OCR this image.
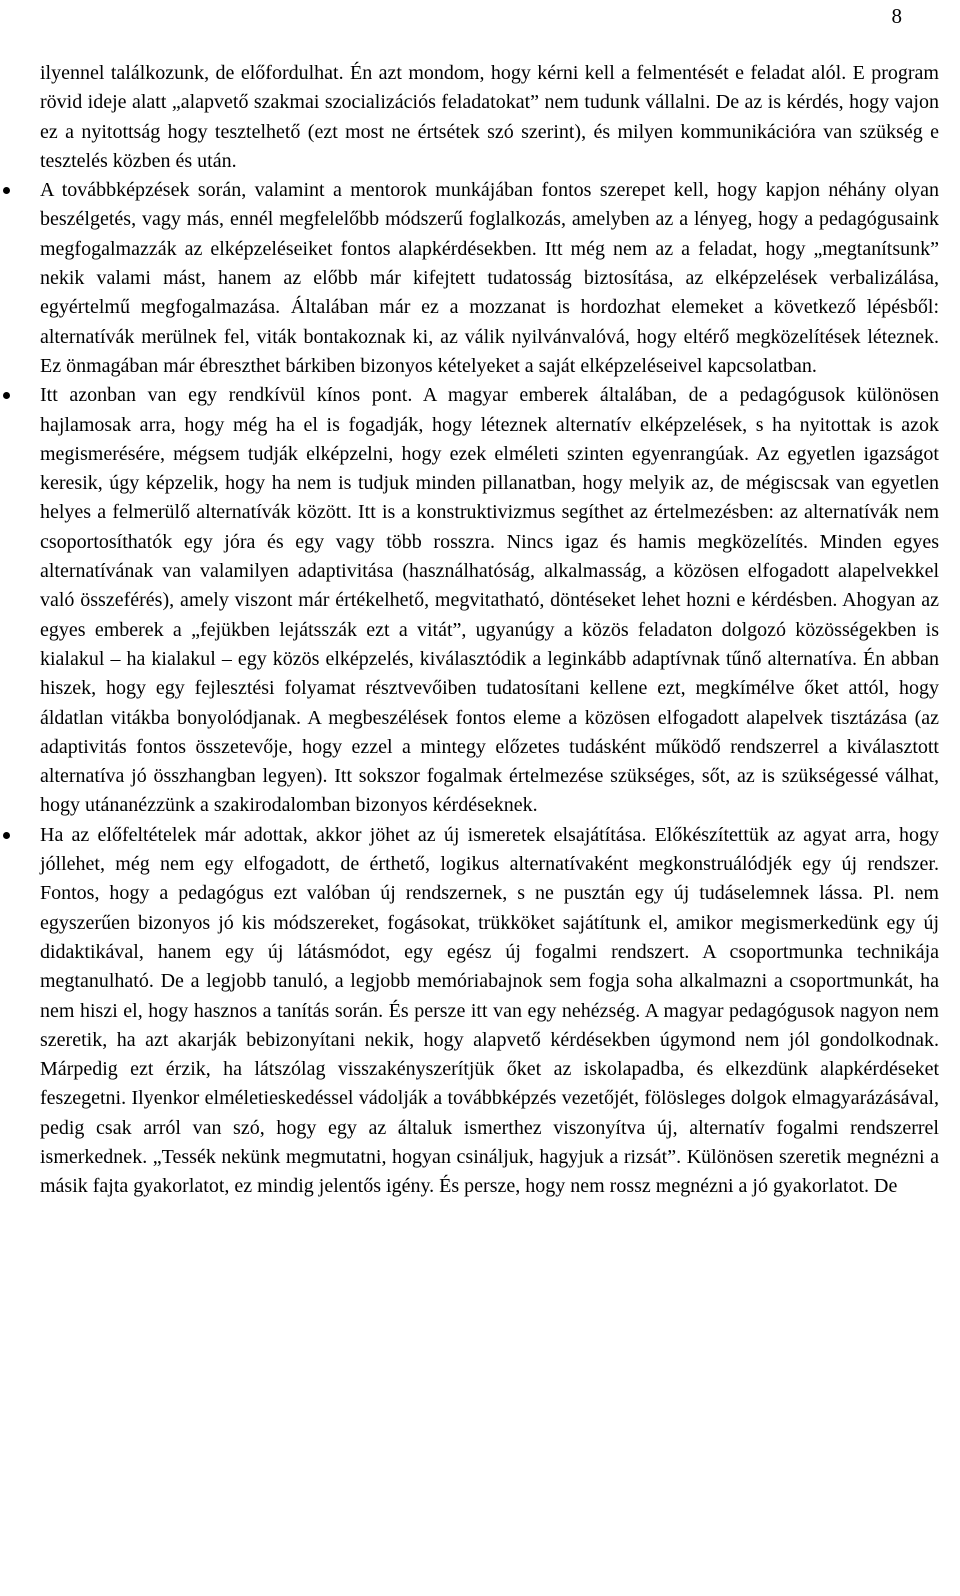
8

ilyennel találkozunk, de előfordulhat. Én azt mondom, hogy kérni kell a felmentését e feladat alól. E program rövid ideje alatt „alapvető szakmai szocializációs feladatokat” nem tudunk vállalni. De az is kérdés, hogy vajon ez a nyitottság hogy tesztelhető (ezt most ne értsétek szó szerint), és milyen kommunikációra van szükség e tesztelés közben és után.

A továbbképzések során, valamint a mentorok munkájában fontos szerepet kell, hogy kapjon néhány olyan beszélgetés, vagy más, ennél megfelelőbb módszerű foglalkozás, amelyben az a lényeg, hogy a pedagógusaink megfogalmazzák az elképzeléseiket fontos alapkérdésekben. Itt még nem az a feladat, hogy „megtanítsunk” nekik valami mást, hanem az előbb már kifejtett tudatosság biztosítása, az elképzelések verbalizálása, egyértelmű megfogalmazása. Általában már ez a mozzanat is hordozhat elemeket a következő lépésből: alternatívák merülnek fel, viták bontakoznak ki, az válik nyilvánvalóvá, hogy eltérő megközelítések léteznek. Ez önmagában már ébreszthet bárkiben bizonyos kételyeket a saját elképzeléseivel kapcsolatban.

Itt azonban van egy rendkívül kínos pont. A magyar emberek általában, de a pedagógusok különösen hajlamosak arra, hogy még ha el is fogadják, hogy léteznek alternatív elképzelések, s ha nyitottak is azok megismerésére, mégsem tudják elképzelni, hogy ezek elméleti szinten egyenrangúak. Az egyetlen igazságot keresik, úgy képzelik, hogy ha nem is tudjuk minden pillanatban, hogy melyik az, de mégiscsak van egyetlen helyes a felmerülő alternatívák között. Itt is a konstruktivizmus segíthet az értelmezésben: az alternatívák nem csoportosíthatók egy jóra és egy vagy több rosszra. Nincs igaz és hamis megközelítés. Minden egyes alternatívának van valamilyen adaptivitása (használhatóság, alkalmasság, a közösen elfogadott alapelvekkel való összeférés), amely viszont már értékelhető, megvitatható, döntéseket lehet hozni e kérdésben. Ahogyan az egyes emberek a „fejükben lejátsszák ezt a vitát”, ugyanúgy a közös feladaton dolgozó közösségekben is kialakul – ha kialakul – egy közös elképzelés, kiválasztódik a leginkább adaptívnak tűnő alternatíva. Én abban hiszek, hogy egy fejlesztési folyamat résztvevőiben tudatosítani kellene ezt, megkímélve őket attól, hogy áldatlan vitákba bonyolódjanak. A megbeszélések fontos eleme a közösen elfogadott alapelvek tisztázása (az adaptivitás fontos összetevője, hogy ezzel a mintegy előzetes tudásként működő rendszerrel a kiválasztott alternatíva jó összhangban legyen). Itt sokszor fogalmak értelmezése szükséges, sőt, az is szükségessé válhat, hogy utánanézzünk a szakirodalomban bizonyos kérdéseknek.

Ha az előfeltételek már adottak, akkor jöhet az új ismeretek elsajátítása. Előkészítettük az agyat arra, hogy jóllehet, még nem egy elfogadott, de érthető, logikus alternatívaként megkonstruálódjék egy új rendszer. Fontos, hogy a pedagógus ezt valóban új rendszernek, s ne pusztán egy új tudáselemnek lássa. Pl. nem egyszerűen bizonyos jó kis módszereket, fogásokat, trükköket sajátítunk el, amikor megismerkedünk egy új didaktikával, hanem egy új látásmódot, egy egész új fogalmi rendszert. A csoportmunka technikája megtanulható. De a legjobb tanuló, a legjobb memóriabajnok sem fogja soha alkalmazni a csoportmunkát, ha nem hiszi el, hogy hasznos a tanítás során. És persze itt van egy nehézség. A magyar pedagógusok nagyon nem szeretik, ha azt akarják bebizonyítani nekik, hogy alapvető kérdésekben úgymond nem jól gondolkodnak. Márpedig ezt érzik, ha látszólag visszakényszerítjük őket az iskolapadba, és elkezdünk alapkérdéseket feszegetni. Ilyenkor elméletieskedéssel vádolják a továbbképzés vezetőjét, fölösleges dolgok elmagyarázásával, pedig csak arról van szó, hogy egy az általuk ismerthez viszonyítva új, alternatív fogalmi rendszerrel ismerkednek. „Tessék nekünk megmutatni, hogyan csináljuk, hagyjuk a rizsát”. Különösen szeretik megnézni a másik fajta gyakorlatot, ez mindig jelentős igény. És persze, hogy nem rossz megnézni a jó gyakorlatot. De
